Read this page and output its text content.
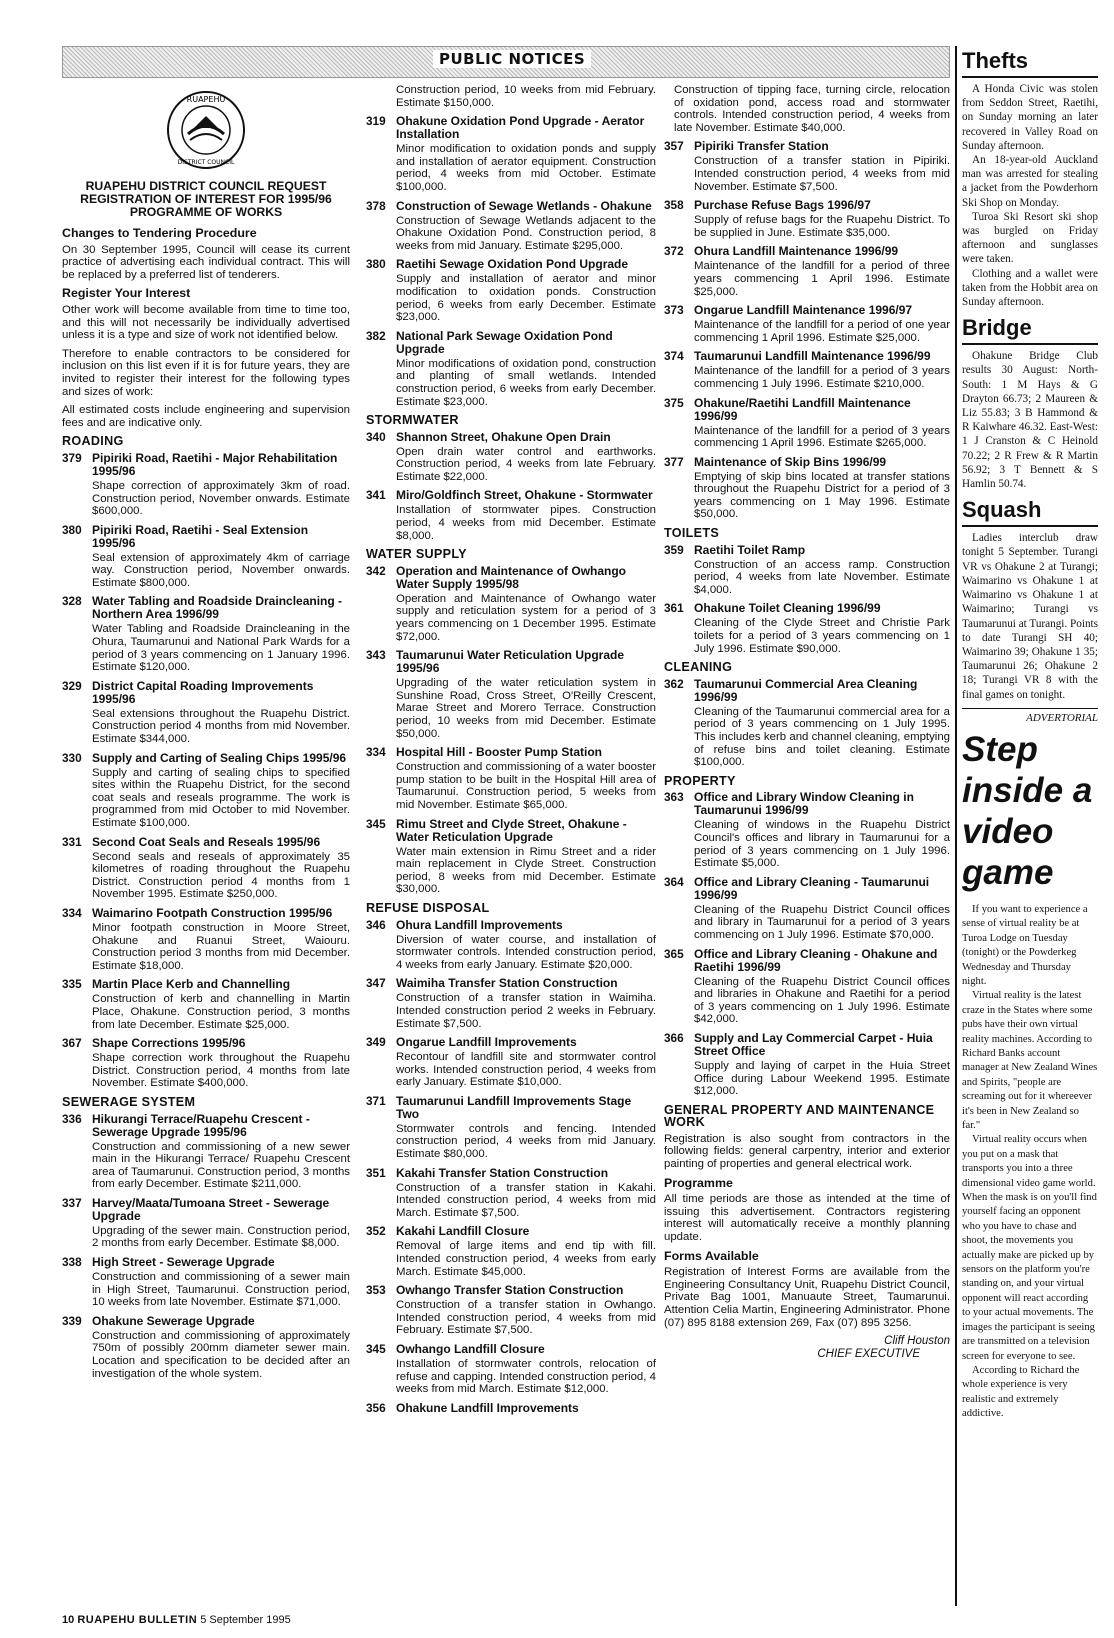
PUBLIC NOTICES
RUAPEHU
DISTRICT COUNCIL
RUAPEHU DISTRICT COUNCIL REQUEST REGISTRATION OF INTEREST FOR 1995/96 PROGRAMME OF WORKS
Changes to Tendering Procedure

On 30 September 1995, Council will cease its current practice of advertising each individual contract. This will be replaced by a preferred list of tenderers.

Register Your Interest

Other work will become available from time to time too, and this will not necessarily be individually advertised unless it is a type and size of work not identified below.

Therefore to enable contractors to be considered for inclusion on this list even if it is for future years, they are invited to register their interest for the following types and sizes of work:

All estimated costs include engineering and supervision fees and are indicative only.

ROADING
379 Pipiriki Road, Raetihi - Major Rehabilitation 1995/96
Shape correction of approximately 3km of road. Construction period, November onwards. Estimate $600,000.
380 Pipiriki Road, Raetihi - Seal Extension 1995/96
Seal extension of approximately 4km of carriage way. Construction period, November onwards. Estimate $800,000.
328 Water Tabling and Roadside Draincleaning - Northern Area 1996/99
Water Tabling and Roadside Draincleaning in the Ohura, Taumarunui and National Park Wards for a period of 3 years commencing on 1 January 1996. Estimate $120,000.
329 District Capital Roading Improvements 1995/96
Seal extensions throughout the Ruapehu District. Construction period 4 months from mid November. Estimate $344,000.
330 Supply and Carting of Sealing Chips 1995/96
Supply and carting of sealing chips to specified sites within the Ruapehu District, for the second coat seals and reseals programme. The work is programmed from mid October to mid November. Estimate $100,000.
331 Second Coat Seals and Reseals 1995/96
Second seals and reseals of approximately 35 kilometres of roading throughout the Ruapehu District. Construction period 4 months from 1 November 1995. Estimate $250,000.
334 Waimarino Footpath Construction 1995/96
Minor footpath construction in Moore Street, Ohakune and Ruanui Street, Waiouru. Construction period 3 months from mid December. Estimate $18,000.
335 Martin Place Kerb and Channelling
Construction of kerb and channelling in Martin Place, Ohakune. Construction period, 3 months from late December. Estimate $25,000.
367 Shape Corrections 1995/96
Shape correction work throughout the Ruapehu District. Construction period, 4 months from late November. Estimate $400,000.
SEWERAGE SYSTEM
336 Hikurangi Terrace/Ruapehu Crescent - Sewerage Upgrade 1995/96
Construction and commissioning of a new sewer main in the Hikurangi Terrace/ Ruapehu Crescent area of Taumarunui. Construction period, 3 months from early December. Estimate $211,000.
337 Harvey/Maata/Tumoana Street - Sewerage Upgrade
Upgrading of the sewer main. Construction period, 2 months from early December. Estimate $8,000.
338 High Street - Sewerage Upgrade
Construction and commissioning of a sewer main in High Street, Taumarunui. Construction period, 10 weeks from late November. Estimate $71,000.
339 Ohakune Sewerage Upgrade
Construction and commissioning of approximately 750m of possibly 200mm diameter sewer main. Location and specification to be decided after an investigation of the whole system.

Construction period, 10 weeks from mid February. Estimate $150,000.

319 Ohakune Oxidation Pond Upgrade - Aerator Installation
Minor modification to oxidation ponds and supply and installation of aerator equipment. Construction period, 4 weeks from mid October. Estimate $100,000.
378 Construction of Sewage Wetlands - Ohakune
Construction of Sewage Wetlands adjacent to the Ohakune Oxidation Pond. Construction period, 8 weeks from mid January. Estimate $295,000.
380 Raetihi Sewage Oxidation Pond Upgrade
Supply and installation of aerator and minor modification to oxidation ponds. Construction period, 6 weeks from early December. Estimate $23,000.
382 National Park Sewage Oxidation Pond Upgrade
Minor modifications of oxidation pond, construction and planting of small wetlands. Intended construction period, 6 weeks from early December. Estimate $23,000.
STORMWATER
340 Shannon Street, Ohakune Open Drain
Open drain water control and earthworks. Construction period, 4 weeks from late February. Estimate $22,000.
341 Miro/Goldfinch Street, Ohakune - Stormwater
Installation of stormwater pipes. Construction period, 4 weeks from mid December. Estimate $8,000.
WATER SUPPLY
342 Operation and Maintenance of Owhango Water Supply 1995/98
Operation and Maintenance of Owhango water supply and reticulation system for a period of 3 years commencing on 1 December 1995. Estimate $72,000.
343 Taumarunui Water Reticulation Upgrade 1995/96
Upgrading of the water reticulation system in Sunshine Road, Cross Street, O'Reilly Crescent, Marae Street and Morero Terrace. Construction period, 10 weeks from mid December. Estimate $50,000.
334 Hospital Hill - Booster Pump Station
Construction and commissioning of a water booster pump station to be built in the Hospital Hill area of Taumarunui. Construction period, 5 weeks from mid November. Estimate $65,000.
345 Rimu Street and Clyde Street, Ohakune - Water Reticulation Upgrade
Water main extension in Rimu Street and a rider main replacement in Clyde Street. Construction period, 8 weeks from mid December. Estimate $30,000.
REFUSE DISPOSAL
346 Ohura Landfill Improvements
Diversion of water course, and installation of stormwater controls. Intended construction period, 4 weeks from early January. Estimate $20,000.
347 Waimiha Transfer Station Construction
Construction of a transfer station in Waimiha. Intended construction period 2 weeks in February. Estimate $7,500.
349 Ongarue Landfill Improvements
Recontour of landfill site and stormwater control works. Intended construction period, 4 weeks from early January. Estimate $10,000.
371 Taumarunui Landfill Improvements Stage Two
Stormwater controls and fencing. Intended construction period, 4 weeks from mid January. Estimate $80,000.
351 Kakahi Transfer Station Construction
Construction of a transfer station in Kakahi. Intended construction period, 4 weeks from mid March. Estimate $7,500.
352 Kakahi Landfill Closure
Removal of large items and end tip with fill. Intended construction period, 4 weeks from early March. Estimate $45,000.
353 Owhango Transfer Station Construction
Construction of a transfer station in Owhango. Intended construction period, 4 weeks from mid February. Estimate $7,500.
345 Owhango Landfill Closure
Installation of stormwater controls, relocation of refuse and capping. Intended construction period, 4 weeks from mid March. Estimate $12,000.
356 Ohakune Landfill Improvements

Construction of tipping face, turning circle, relocation of oxidation pond, access road and stormwater controls. Intended construction period, 4 weeks from late November. Estimate $40,000.

357 Pipiriki Transfer Station
Construction of a transfer station in Pipiriki. Intended construction period, 4 weeks from mid November. Estimate $7,500.
358 Purchase Refuse Bags 1996/97
Supply of refuse bags for the Ruapehu District. To be supplied in June. Estimate $35,000.
372 Ohura Landfill Maintenance 1996/99
Maintenance of the landfill for a period of three years commencing 1 April 1996. Estimate $25,000.
373 Ongarue Landfill Maintenance 1996/97
Maintenance of the landfill for a period of one year commencing 1 April 1996. Estimate $25,000.
374 Taumarunui Landfill Maintenance 1996/99
Maintenance of the landfill for a period of 3 years commencing 1 July 1996. Estimate $210,000.
375 Ohakune/Raetihi Landfill Maintenance 1996/99
Maintenance of the landfill for a period of 3 years commencing 1 April 1996. Estimate $265,000.
377 Maintenance of Skip Bins 1996/99
Emptying of skip bins located at transfer stations throughout the Ruapehu District for a period of 3 years commencing on 1 May 1996. Estimate $50,000.
TOILETS
359 Raetihi Toilet Ramp
Construction of an access ramp. Construction period, 4 weeks from late November. Estimate $4,000.
361 Ohakune Toilet Cleaning 1996/99
Cleaning of the Clyde Street and Christie Park toilets for a period of 3 years commencing on 1 July 1996. Estimate $90,000.
CLEANING
362 Taumarunui Commercial Area Cleaning 1996/99
Cleaning of the Taumarunui commercial area for a period of 3 years commencing on 1 July 1995. This includes kerb and channel cleaning, emptying of refuse bins and toilet cleaning. Estimate $100,000.
PROPERTY
363 Office and Library Window Cleaning in Taumarunui 1996/99
Cleaning of windows in the Ruapehu District Council's offices and library in Taumarunui for a period of 3 years commencing on 1 July 1996. Estimate $5,000.
364 Office and Library Cleaning - Taumarunui 1996/99
Cleaning of the Ruapehu District Council offices and library in Taumarunui for a period of 3 years commencing on 1 July 1996. Estimate $70,000.
365 Office and Library Cleaning - Ohakune and Raetihi 1996/99
Cleaning of the Ruapehu District Council offices and libraries in Ohakune and Raetihi for a period of 3 years commencing on 1 July 1996. Estimate $42,000.
366 Supply and Lay Commercial Carpet - Huia Street Office
Supply and laying of carpet in the Huia Street Office during Labour Weekend 1995. Estimate $12,000.
GENERAL PROPERTY AND MAINTENANCE WORK

Registration is also sought from contractors in the following fields: general carpentry, interior and exterior painting of properties and general electrical work.

Programme

All time periods are those as intended at the time of issuing this advertisement. Contractors registering interest will automatically receive a monthly planning update.

Forms Available

Registration of Interest Forms are available from the Engineering Consultancy Unit, Ruapehu District Council, Private Bag 1001, Manuaute Street, Taumarunui. Attention Celia Martin, Engineering Administrator. Phone (07) 895 8188 extension 269, Fax (07) 895 3256.

Cliff Houston
CHIEF EXECUTIVE
Thefts

A Honda Civic was stolen from Seddon Street, Raetihi, on Sunday morning an later recovered in Valley Road on Sunday afternoon.

An 18-year-old Auckland man was arrested for stealing a jacket from the Powderhorn Ski Shop on Monday.

Turoa Ski Resort ski shop was burgled on Friday afternoon and sunglasses were taken.

Clothing and a wallet were taken from the Hobbit area on Sunday afternoon.

Bridge

Ohakune Bridge Club results 30 August: North-South: 1 M Hays & G Drayton 66.73; 2 Maureen & Liz 55.83; 3 B Hammond & R Kaiwhare 46.32. East-West: 1 J Cranston & C Heinold 70.22; 2 R Frew & R Martin 56.92; 3 T Bennett & S Hamlin 50.74.

Squash

Ladies interclub draw tonight 5 September. Turangi VR vs Ohakune 2 at Turangi; Waimarino vs Ohakune 1 at Waimarino vs Ohakune 1 at Waimarino; Turangi vs Taumarunui at Turangi. Points to date Turangi SH 40; Waimarino 39; Ohakune 1 35; Taumarunui 26; Ohakune 2 18; Turangi VR 8 with the final games on tonight.

ADVERTORIAL
Step inside a video game

If you want to experience a sense of virtual reality be at Turoa Lodge on Tuesday (tonight) or the Powderkeg Wednesday and Thursday night.

Virtual reality is the latest craze in the States where some pubs have their own virtual reality machines. According to Richard Banks account manager at New Zealand Wines and Spirits, "people are screaming out for it whereever it's been in New Zealand so far."

Virtual reality occurs when you put on a mask that transports you into a three dimensional video game world. When the mask is on you'll find yourself facing an opponent who you have to chase and shoot, the movements you actually make are picked up by sensors on the platform you're standing on, and your virtual opponent will react according to your actual movements. The images the participant is seeing are transmitted on a television screen for everyone to see.

According to Richard the whole experience is very realistic and extremely addictive.

10 RUAPEHU BULLETIN 5 September 1995
